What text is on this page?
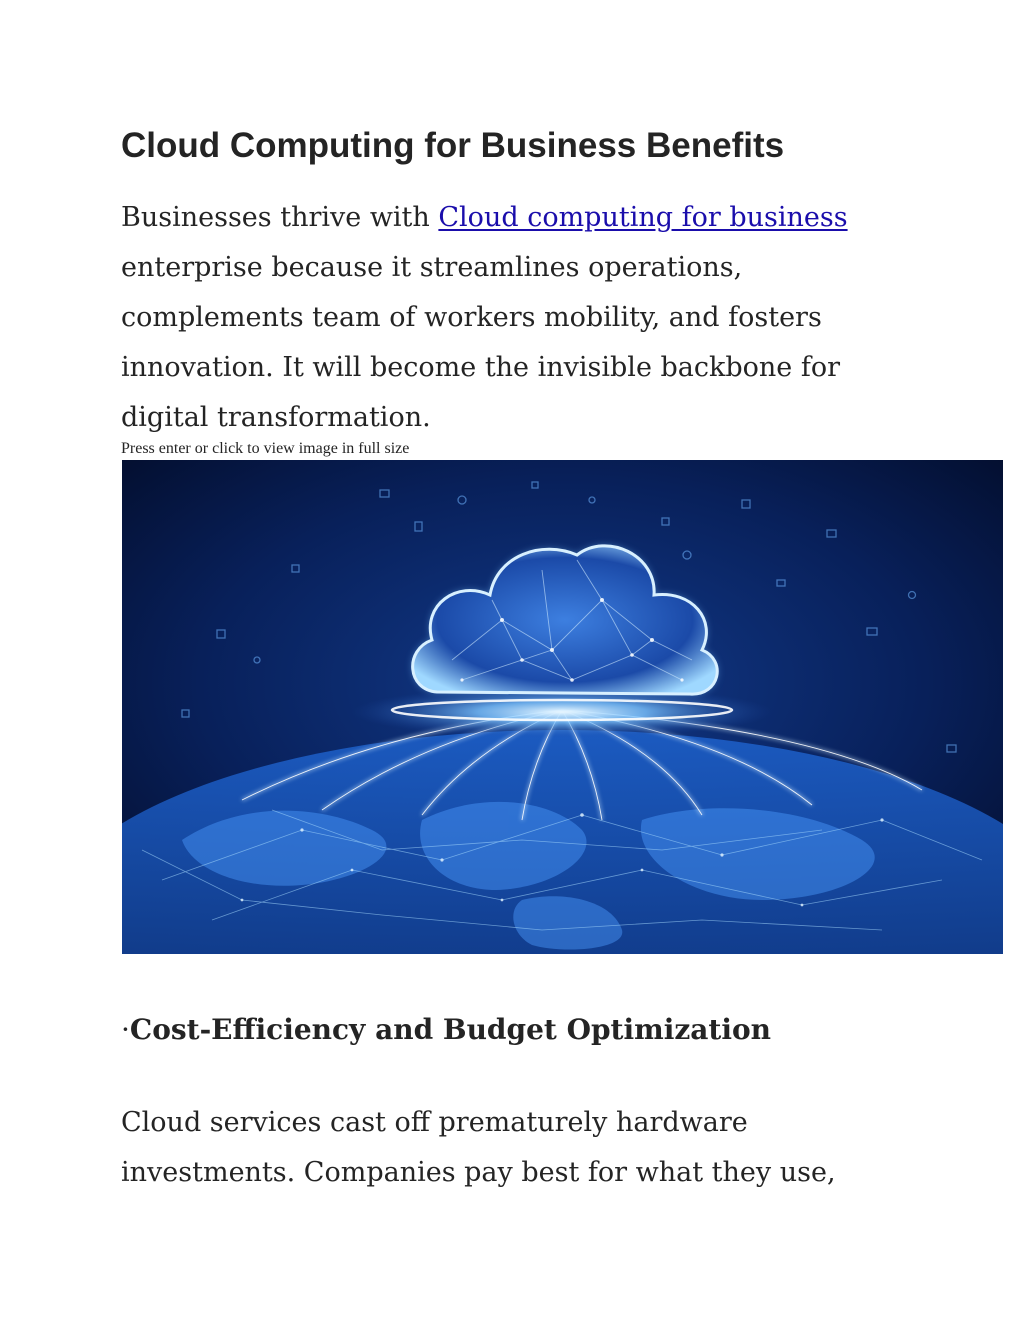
Cloud Computing for Business Benefits

Businesses thrive with Cloud computing for business enterprise because it streamlines operations, complements team of workers mobility, and fosters innovation. It will become the invisible backbone for digital transformation.

Press enter or click to view image in full size

·Cost-Efficiency and Budget Optimization

Cloud services cast off prematurely hardware investments. Companies pay best for what they use,
